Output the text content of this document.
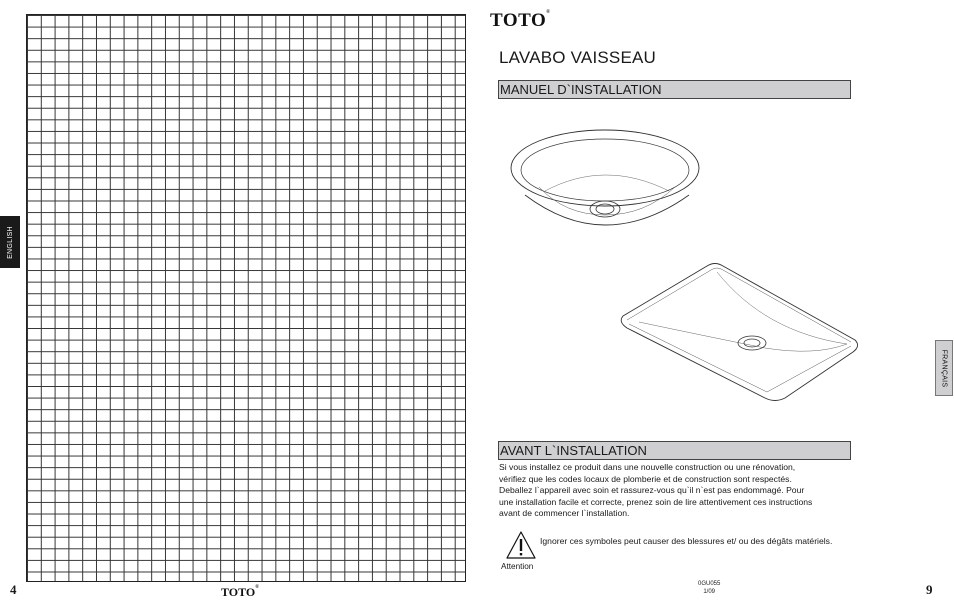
ENGLISH
4	TOTO®
TOTO®
LAVABO VAISSEAU
MANUEL D`INSTALLATION
AVANT L`INSTALLATION

Si vous installez ce produit dans une nouvelle construction ou une rénovation,

vérifiez que les codes locaux de plomberie et de construction sont respectés.

Deballez l`appareil avec soin et rassurez-vous qu`il n`est pas endommagé. Pour

une installation facile et correcte, prenez soin de lire attentivement ces instructions

avant de commencer l`installation.

Attention
Ignorer ces symboles peut causer des blessures et/ ou des dégâts matériels.
FRANÇAIS
0GU055
1/09	9
